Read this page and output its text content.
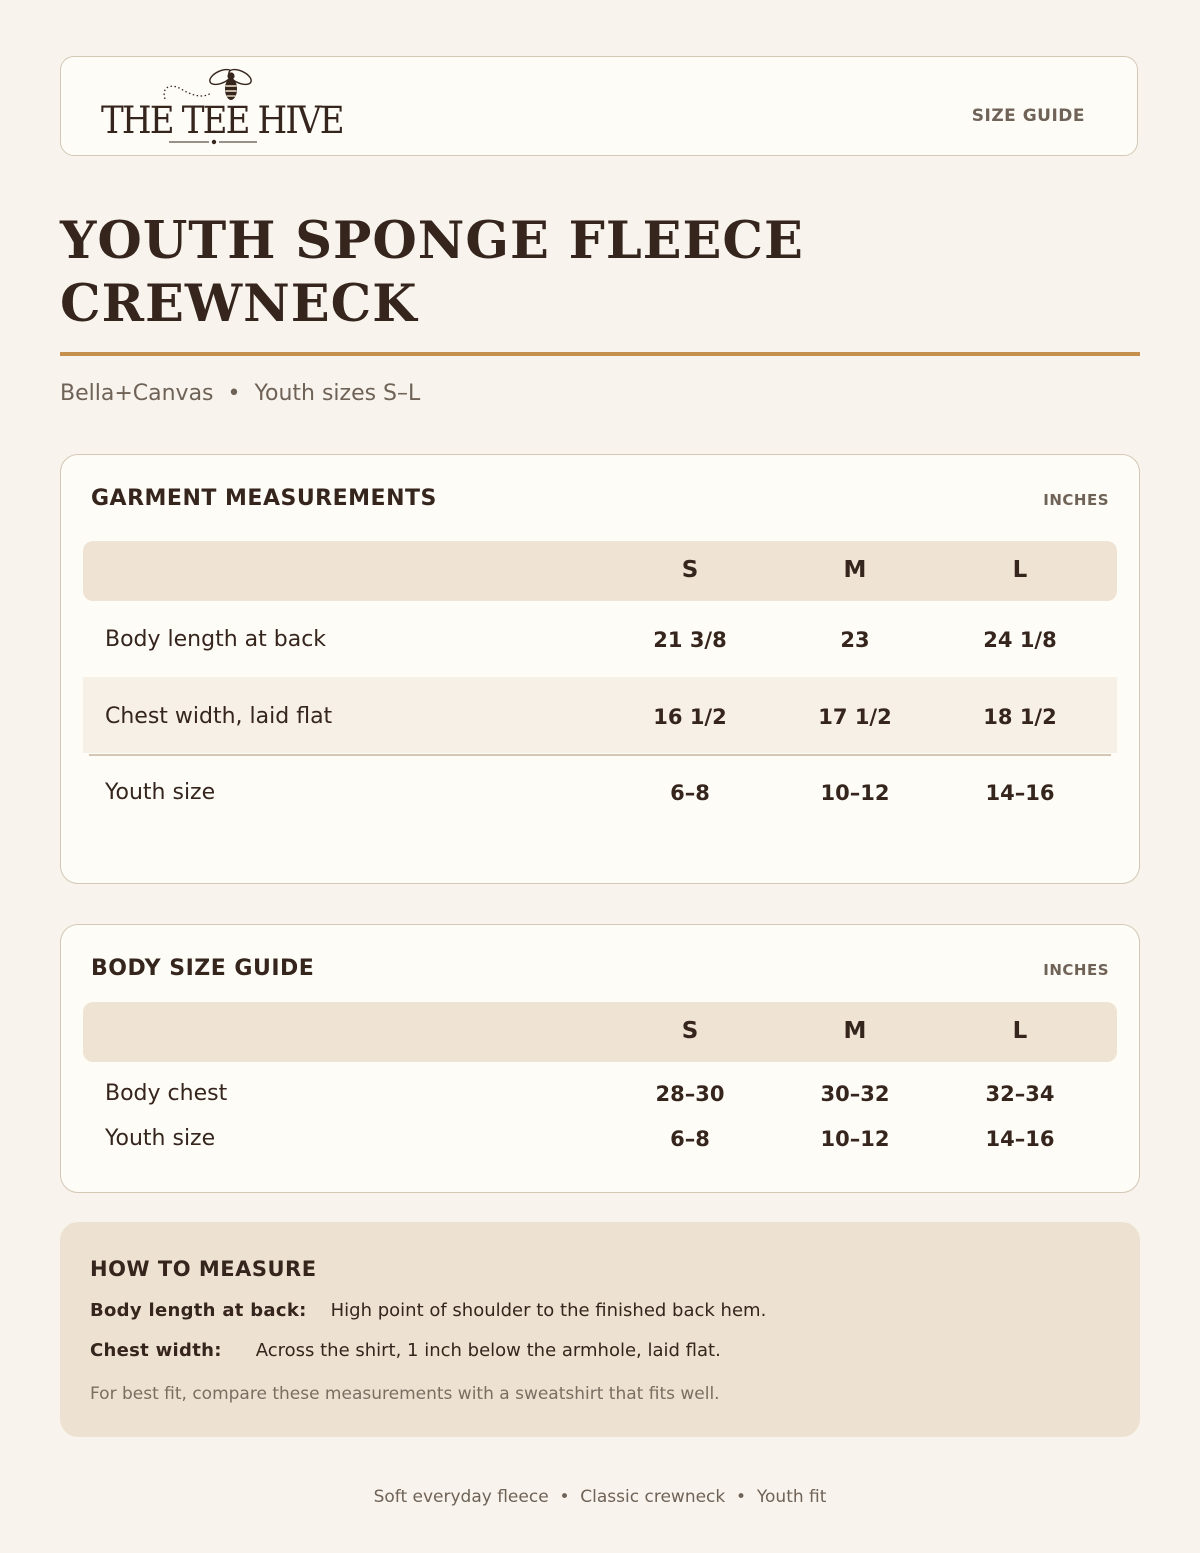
THE TEE HIVE	SIZE GUIDE
YOUTH SPONGE FLEECE CREWNECK
Bella+Canvas  •  Youth sizes S–L
GARMENT MEASUREMENTS	INCHES
S	M	L
Body length at back	21 3/8	23	24 1/8
Chest width, laid flat	16 1/2	17 1/2	18 1/2
Youth size	6–8	10–12	14–16
BODY SIZE GUIDE	INCHES
S	M	L
Body chest	28–30	30–32	32–34
Youth size	6–8	10–12	14–16
HOW TO MEASURE
Body length at back: High point of shoulder to the finished back hem.
Chest width: Across the shirt, 1 inch below the armhole, laid flat.
For best fit, compare these measurements with a sweatshirt that fits well.
Soft everyday fleece  •  Classic crewneck  •  Youth fit
